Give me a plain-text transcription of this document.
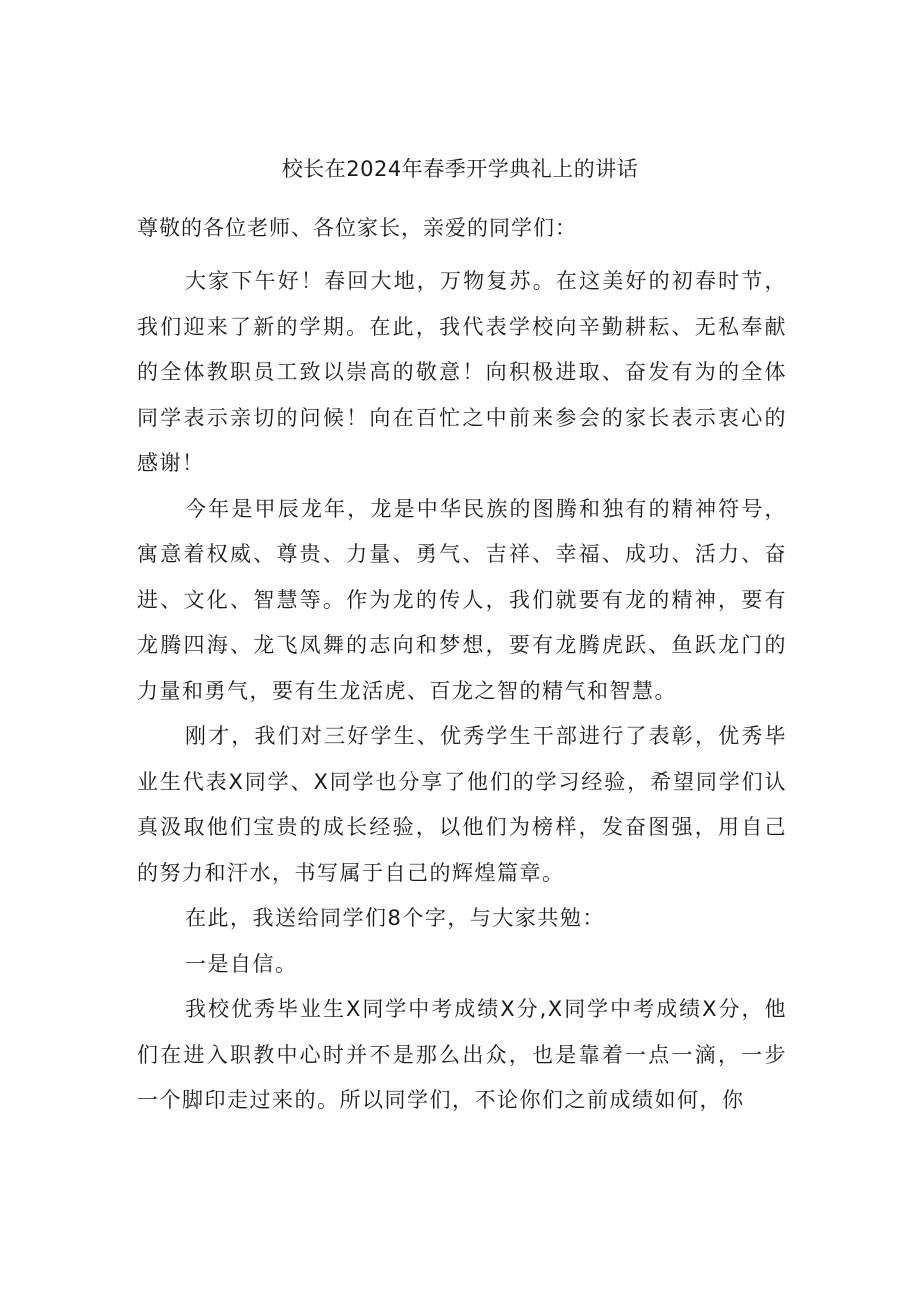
校长在2024年春季开学典礼上的讲话
尊敬的各位老师、各位家长，亲爱的同学们：

大家下午好！春回大地，万物复苏。在这美好的初春时节，我们迎来了新的学期。在此，我代表学校向辛勤耕耘、无私奉献的全体教职员工致以崇高的敬意！向积极进取、奋发有为的全体同学表示亲切的问候！向在百忙之中前来参会的家长表示衷心的感谢！

今年是甲辰龙年，龙是中华民族的图腾和独有的精神符号，寓意着权威、尊贵、力量、勇气、吉祥、幸福、成功、活力、奋进、文化、智慧等。作为龙的传人，我们就要有龙的精神，要有龙腾四海、龙飞凤舞的志向和梦想，要有龙腾虎跃、鱼跃龙门的力量和勇气，要有生龙活虎、百龙之智的精气和智慧。

刚才，我们对三好学生、优秀学生干部进行了表彰，优秀毕业生代表X同学、X同学也分享了他们的学习经验，希望同学们认真汲取他们宝贵的成长经验，以他们为榜样，发奋图强，用自己的努力和汗水，书写属于自己的辉煌篇章。

在此，我送给同学们8个字，与大家共勉：

一是自信。

我校优秀毕业生X同学中考成绩X分,X同学中考成绩X分，他们在进入职教中心时并不是那么出众，也是靠着一点一滴，一步一个脚印走过来的。所以同学们，不论你们之前成绩如何，你
